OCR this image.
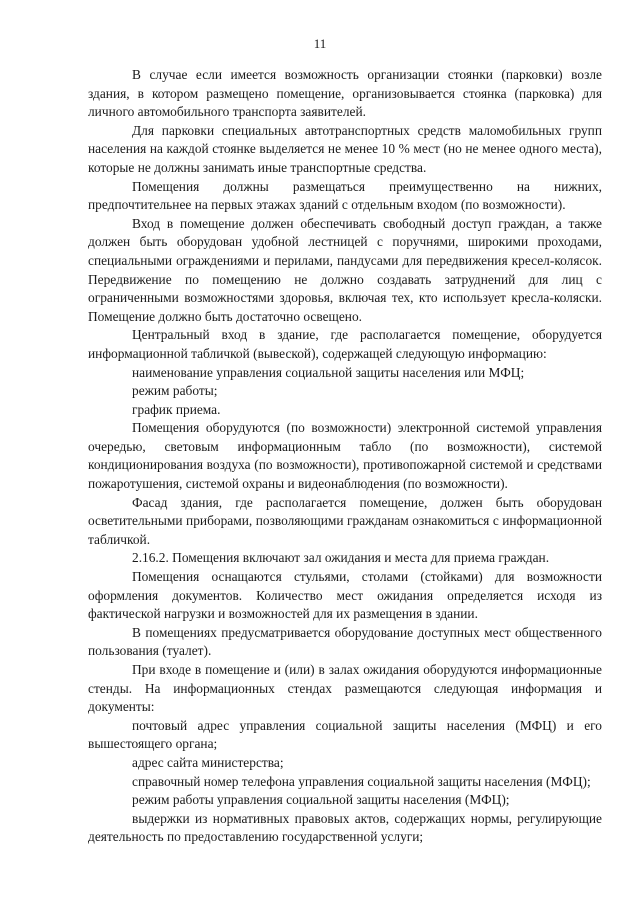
11

В случае если имеется возможность организации стоянки (парковки) возле здания, в котором размещено помещение, организовывается стоянка (парковка) для личного автомобильного транспорта заявителей.

Для парковки специальных автотранспортных средств маломобильных групп населения на каждой стоянке выделяется не менее 10 % мест (но не менее одного места), которые не должны занимать иные транспортные средства.

Помещения должны размещаться преимущественно на нижних, предпочтительнее на первых этажах зданий с отдельным входом (по возможности).

Вход в помещение должен обеспечивать свободный доступ граждан, а также должен быть оборудован удобной лестницей с поручнями, широкими проходами, специальными ограждениями и перилами, пандусами для передвижения кресел-колясок. Передвижение по помещению не должно создавать затруднений для лиц с ограниченными возможностями здоровья, включая тех, кто использует кресла-коляски. Помещение должно быть достаточно освещено.

Центральный вход в здание, где располагается помещение, оборудуется информационной табличкой (вывеской), содержащей следующую информацию:

наименование управления социальной защиты населения или МФЦ;

режим работы;

график приема.

Помещения оборудуются (по возможности) электронной системой управления очередью, световым информационным табло (по возможности), системой кондиционирования воздуха (по возможности), противопожарной системой и средствами пожаротушения, системой охраны и видеонаблюдения (по возможности).

Фасад здания, где располагается помещение, должен быть оборудован осветительными приборами, позволяющими гражданам ознакомиться с информационной табличкой.

2.16.2. Помещения включают зал ожидания и места для приема граждан.

Помещения оснащаются стульями, столами (стойками) для возможности оформления документов. Количество мест ожидания определяется исходя из фактической нагрузки и возможностей для их размещения в здании.

В помещениях предусматривается оборудование доступных мест общественного пользования (туалет).

При входе в помещение и (или) в залах ожидания оборудуются информационные стенды. На информационных стендах размещаются следующая информация и документы:

почтовый адрес управления социальной защиты населения (МФЦ) и его вышестоящего органа;

адрес сайта министерства;

справочный номер телефона управления социальной защиты населения (МФЦ);

режим работы управления социальной защиты населения (МФЦ);

выдержки из нормативных правовых актов, содержащих нормы, регулирующие деятельность по предоставлению государственной услуги;
